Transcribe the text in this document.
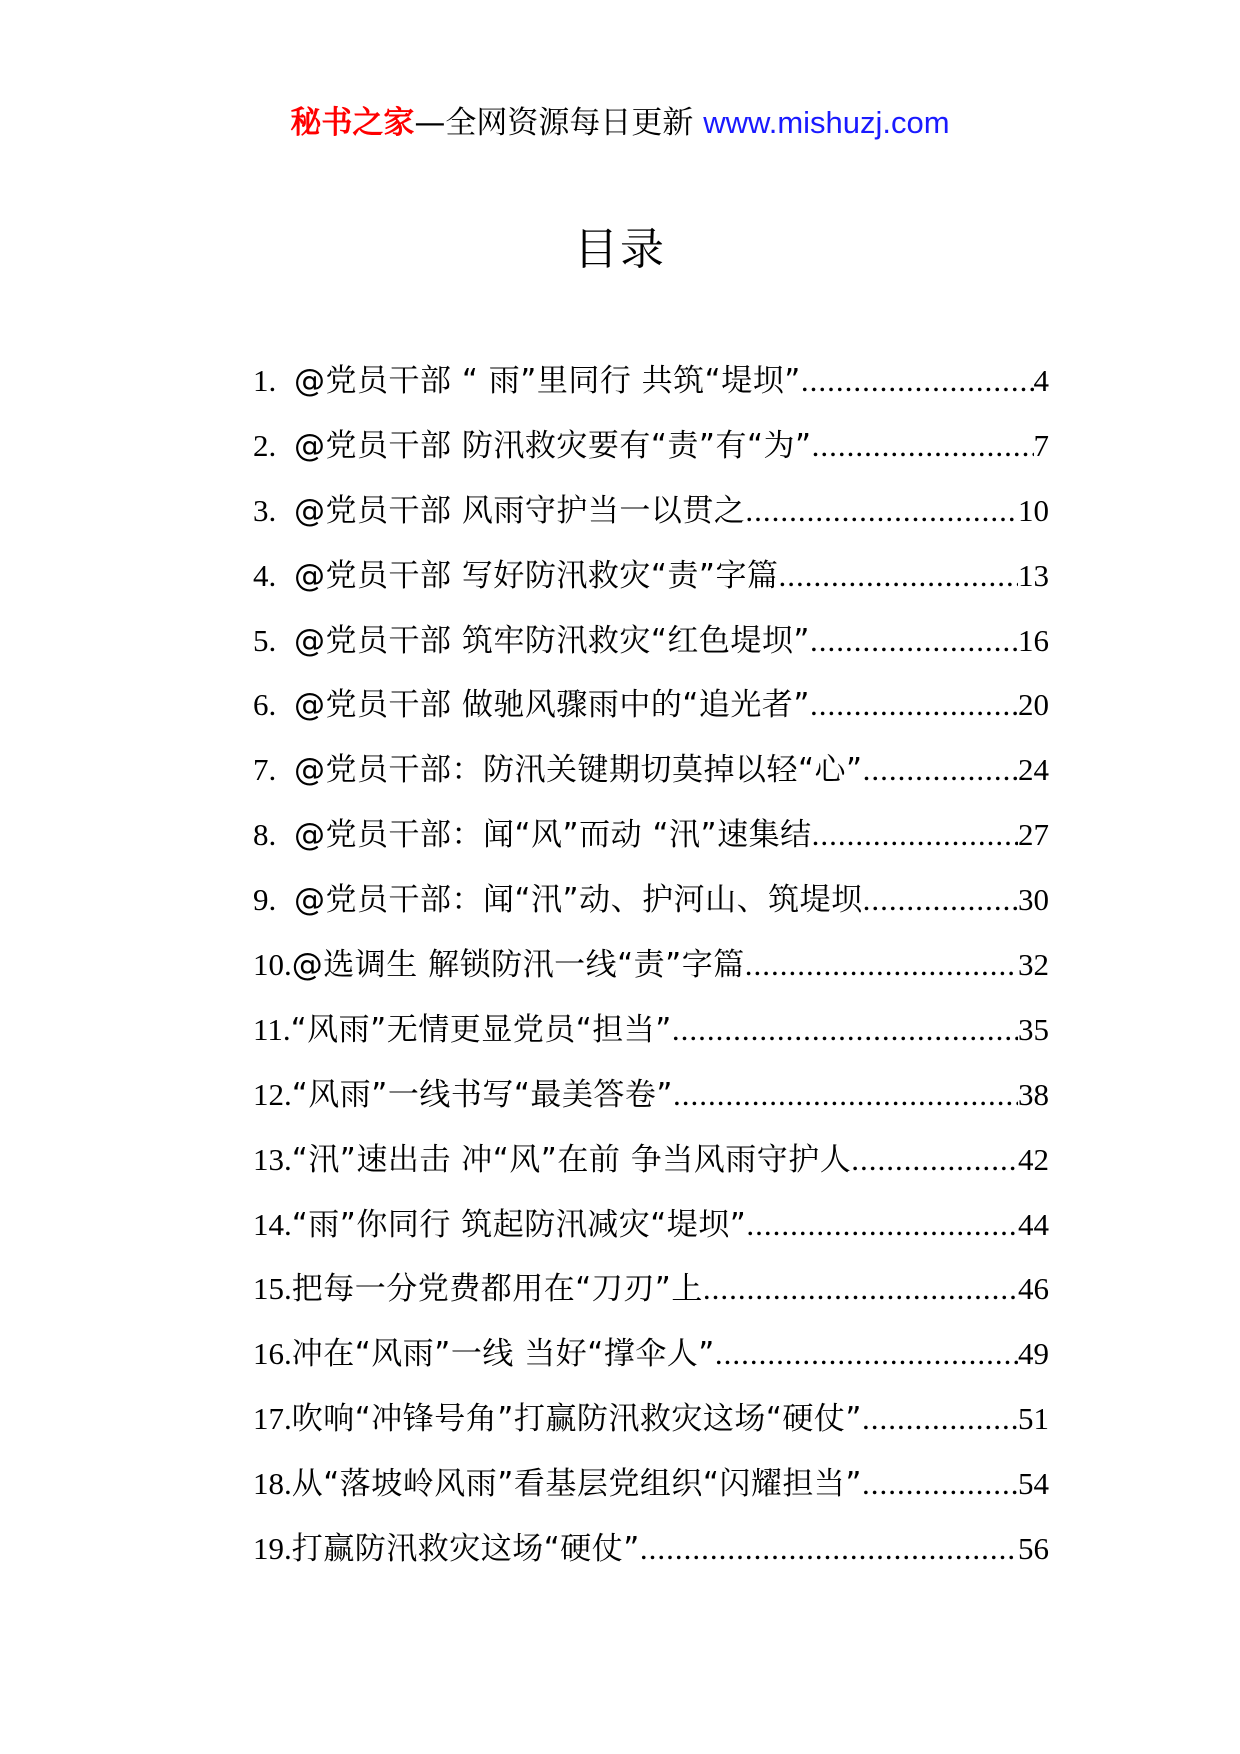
秘书之家—全网资源每日更新 www.mishuzj.com
目录
1. @党员干部 “ 雨”里同行 共筑“堤坝” .....	4
2. @党员干部 防汛救灾要有“责”有“为” .....	7
3. @党员干部 风雨守护当一以贯之 .....	10
4. @党员干部 写好防汛救灾“责”字篇 .....	13
5. @党员干部 筑牢防汛救灾“红色堤坝” .....	16
6. @党员干部 做驰风骤雨中的“追光者” .....	20
7. @党员干部：防汛关键期切莫掉以轻“心” .....	24
8. @党员干部：闻“风”而动 “汛”速集结 .....	27
9. @党员干部：闻“汛”动、护河山、筑堤坝 .....	30
10. @选调生 解锁防汛一线“责”字篇 .....	32
11. “风雨”无情更显党员“担当” .....	35
12. “风雨”一线书写“最美答卷” .....	38
13. “汛”速出击 冲“风”在前 争当风雨守护人 .....	42
14. “雨”你同行 筑起防汛减灾“堤坝” .....	44
15. 把每一分党费都用在“刀刃”上 .....	46
16. 冲在“风雨”一线 当好“撑伞人” .....	49
17. 吹响“冲锋号角”打赢防汛救灾这场“硬仗” .....	51
18. 从“落坡岭风雨”看基层党组织“闪耀担当” .....	54
19. 打赢防汛救灾这场“硬仗” .....	56
